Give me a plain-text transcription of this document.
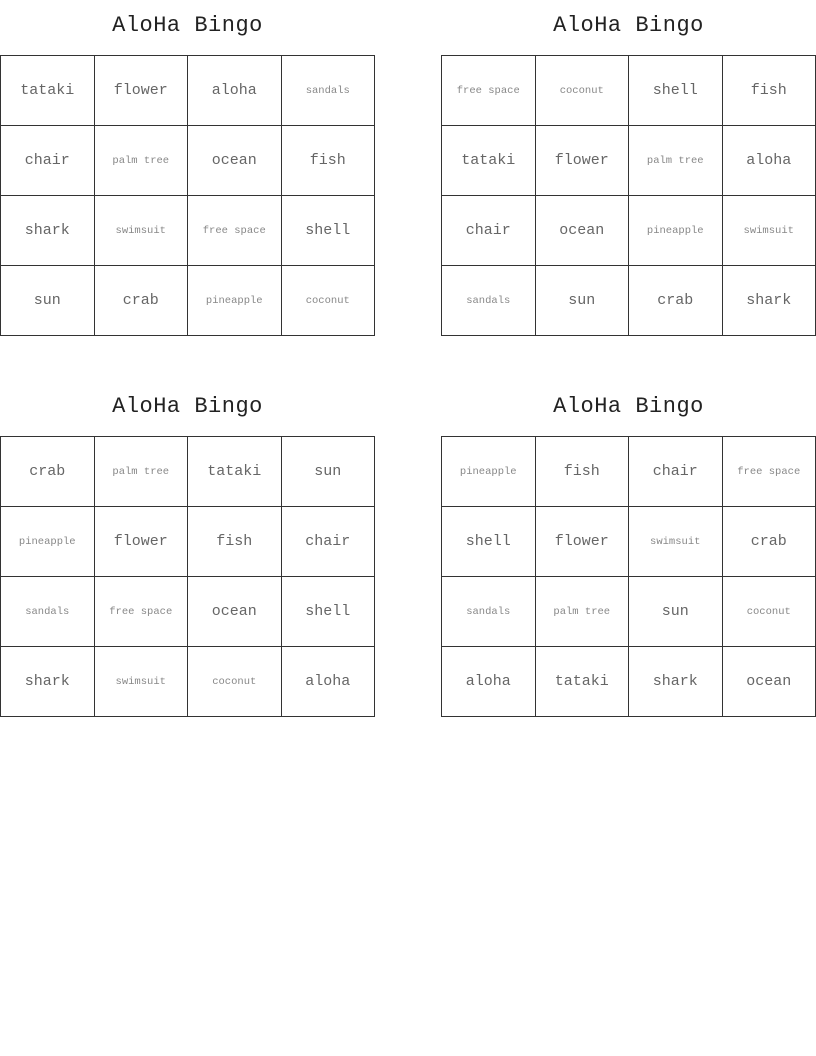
AloHa Bingo
tataki	flower	aloha	sandals
chair	palm tree	ocean	fish
shark	swimsuit	free space	shell
sun	crab	pineapple	coconut
AloHa Bingo
free space	coconut	shell	fish
tataki	flower	palm tree	aloha
chair	ocean	pineapple	swimsuit
sandals	sun	crab	shark
AloHa Bingo
crab	palm tree	tataki	sun
pineapple	flower	fish	chair
sandals	free space	ocean	shell
shark	swimsuit	coconut	aloha
AloHa Bingo
pineapple	fish	chair	free space
shell	flower	swimsuit	crab
sandals	palm tree	sun	coconut
aloha	tataki	shark	ocean
